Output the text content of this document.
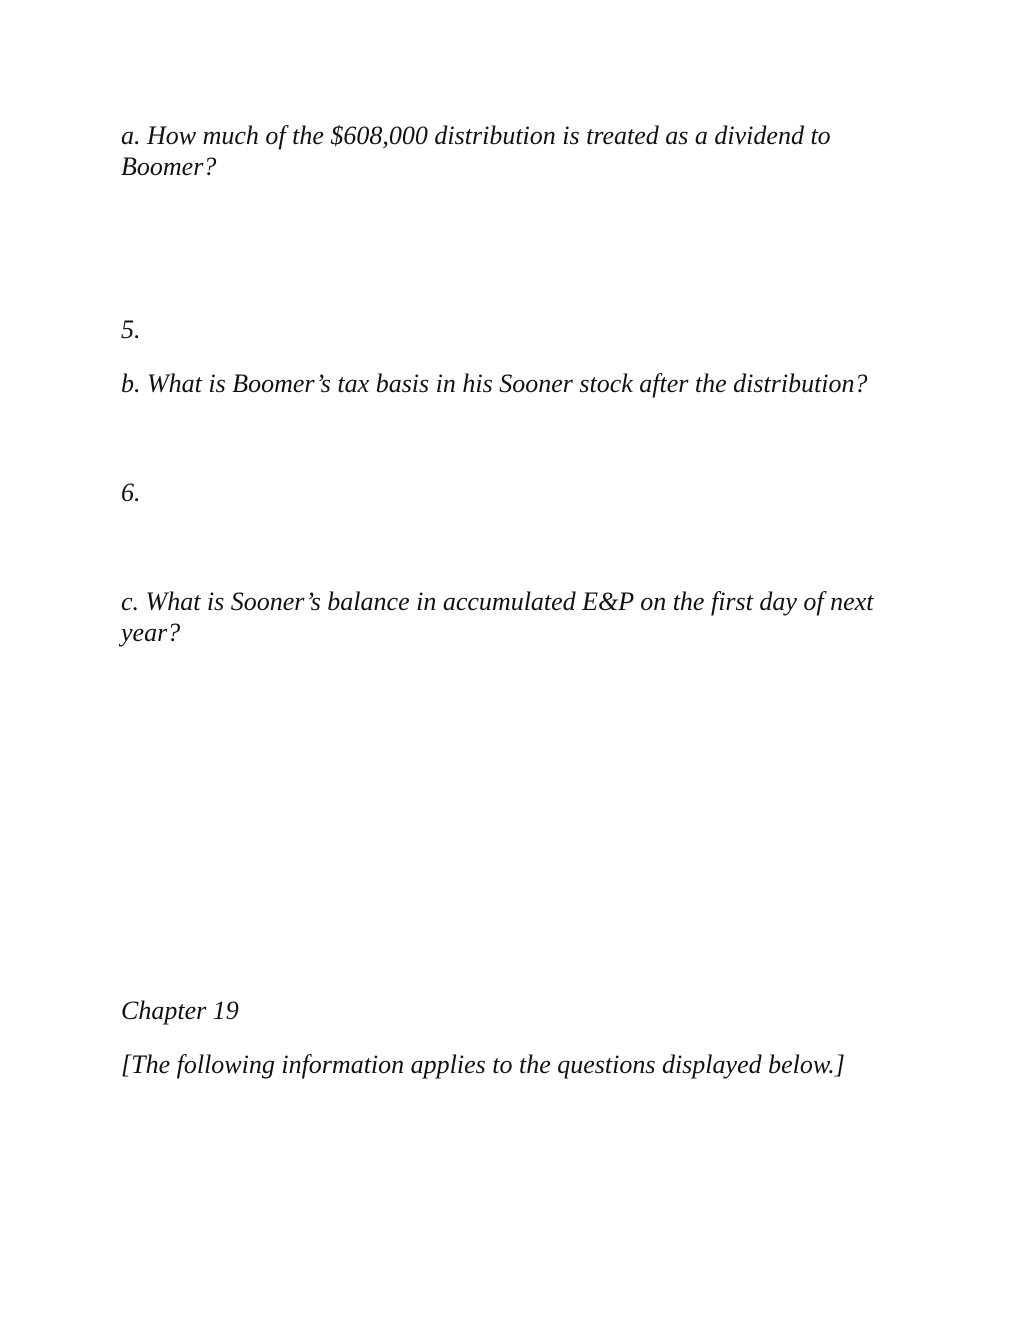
a. How much of the $608,000 distribution is treated as a dividend to Boomer?

5.

b. What is Boomer’s tax basis in his Sooner stock after the distribution?

6.

c. What is Sooner’s balance in accumulated E&P on the first day of next year?

Chapter 19

[The following information applies to the questions displayed below.]
